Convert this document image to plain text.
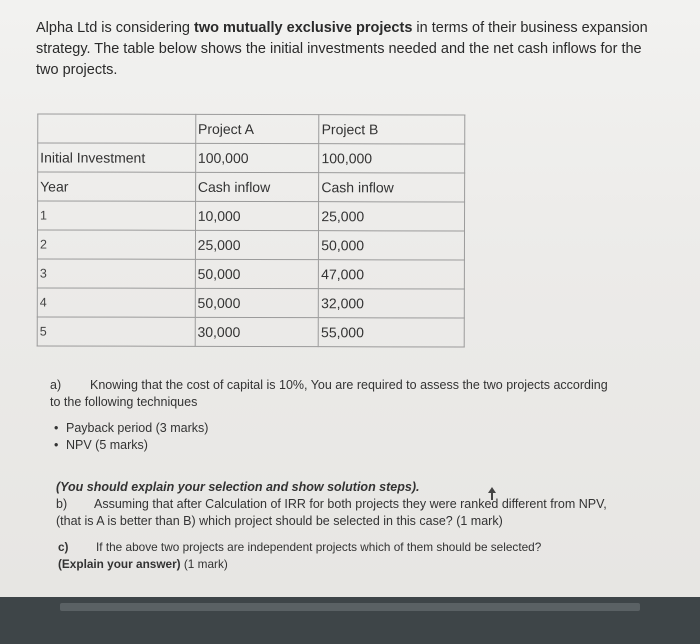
Alpha Ltd is considering two mutually exclusive projects in terms of their business expansion strategy. The table below shows the initial investments needed and the net cash inflows for the two projects.
	Project A	Project B
Initial Investment	100,000	100,000
Year	Cash inflow	Cash inflow
1	10,000	25,000
2	25,000	50,000
3	50,000	47,000
4	50,000	32,000
5	30,000	55,000
a) Knowing that the cost of capital is 10%, You are required to assess the two projects according to the following techniques
• Payback period (3 marks)
• NPV (5 marks)
(You should explain your selection and show solution steps).
b) Assuming that after Calculation of IRR for both projects they were ranked different from NPV, (that is A is better than B) which project should be selected in this case? (1 mark)
c) If the above two projects are independent projects which of them should be selected?
(Explain your answer) (1 mark)
